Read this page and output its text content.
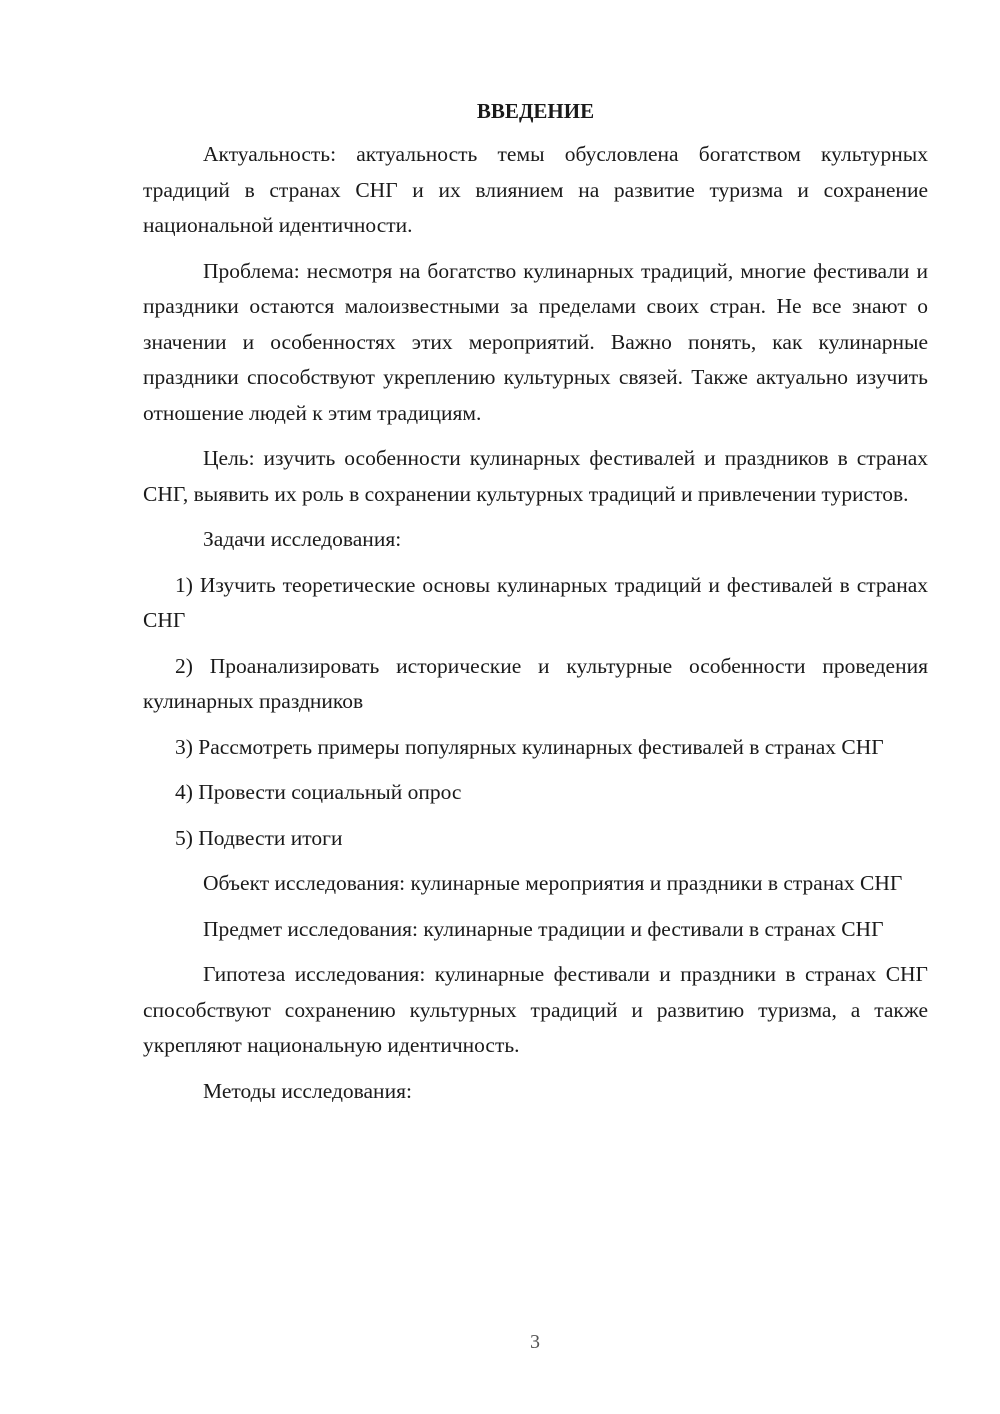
ВВЕДЕНИЕ

Актуальность: актуальность темы обусловлена богатством культурных традиций в странах СНГ и их влиянием на развитие туризма и сохранение национальной идентичности.

Проблема: несмотря на богатство кулинарных традиций, многие фестивали и праздники остаются малоизвестными за пределами своих стран. Не все знают о значении и особенностях этих мероприятий. Важно понять, как кулинарные праздники способствуют укреплению культурных связей. Также актуально изучить отношение людей к этим традициям.

Цель: изучить особенности кулинарных фестивалей и праздников в странах СНГ, выявить их роль в сохранении культурных традиций и привлечении туристов.

Задачи исследования:

1) Изучить теоретические основы кулинарных традиций и фестивалей в странах СНГ

2) Проанализировать исторические и культурные особенности проведения кулинарных праздников

3) Рассмотреть примеры популярных кулинарных фестивалей в странах СНГ

4) Провести социальный опрос

5) Подвести итоги

Объект исследования: кулинарные мероприятия и праздники в странах СНГ

Предмет исследования: кулинарные традиции и фестивали в странах СНГ

Гипотеза исследования: кулинарные фестивали и праздники в странах СНГ способствуют сохранению культурных традиций и развитию туризма, а также укрепляют национальную идентичность.

Методы исследования:

3
